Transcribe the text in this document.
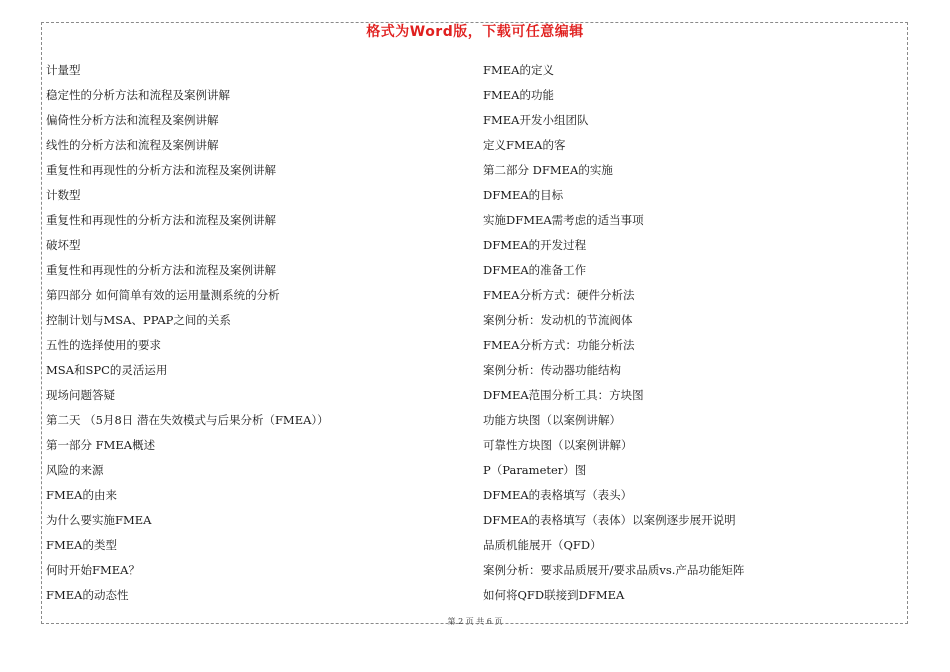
格式为Word版，下载可任意编辑
计量型
稳定性的分析方法和流程及案例讲解
偏倚性分析方法和流程及案例讲解
线性的分析方法和流程及案例讲解
重复性和再现性的分析方法和流程及案例讲解
计数型
重复性和再现性的分析方法和流程及案例讲解
破坏型
重复性和再现性的分析方法和流程及案例讲解
第四部分 如何简单有效的运用量测系统的分析
控制计划与MSA、PPAP之间的关系
五性的选择使用的要求
MSA和SPC的灵活运用
现场问题答疑
第二天 （5月8日 潜在失效模式与后果分析（FMEA））
第一部分 FMEA概述
风险的来源
FMEA的由来
为什么要实施FMEA
FMEA的类型
何时开始FMEA？
FMEA的动态性
FMEA的定义
FMEA的功能
FMEA开发小组团队
定义FMEA的客
第二部分 DFMEA的实施
DFMEA的目标
实施DFMEA需考虑的适当事项
DFMEA的开发过程
DFMEA的准备工作
FMEA分析方式：硬件分析法
案例分析：发动机的节流阀体
FMEA分析方式：功能分析法
案例分析：传动器功能结构
DFMEA范围分析工具：方块图
功能方块图（以案例讲解）
可靠性方块图（以案例讲解）
P（Parameter）图
DFMEA的表格填写（表头）
DFMEA的表格填写（表体）以案例逐步展开说明
品质机能展开（QFD）
案例分析：要求品质展开/要求品质vs.产品功能矩阵
如何将QFD联接到DFMEA
第 2 页 共 6 页
